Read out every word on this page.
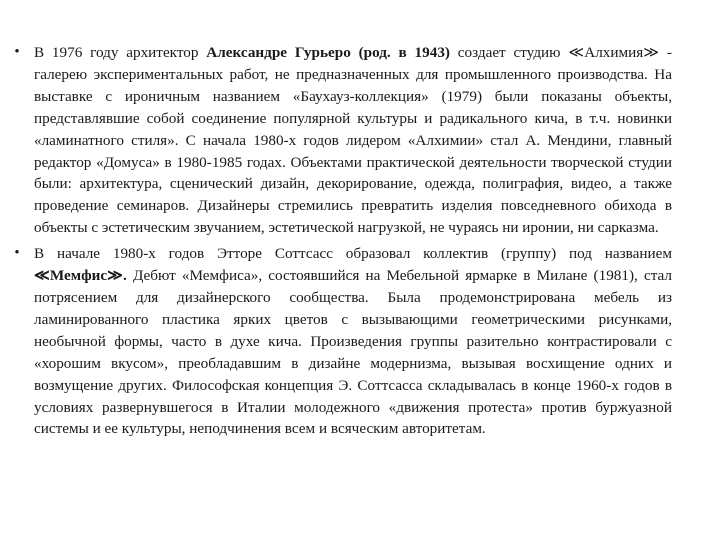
• В 1976 году архитектор Александре Гурьеро (род. в 1943) создает студию ≪Алхимия≫ - галерею экспериментальных работ, не предназначенных для промышленного производства. На выставке с ироничным названием «Баухауз-коллекция» (1979) были показаны объекты, представлявшие собой соединение популярной культуры и радикального кича, в т.ч. новинки «ламинатного стиля». С начала 1980-х годов лидером «Алхимии» стал А. Мендини, главный редактор «Домуса» в 1980-1985 годах. Объектами практической деятельности творческой студии были: архитектура, сценический дизайн, декорирование, одежда, полиграфия, видео, а также проведение семинаров. Дизайнеры стремились превратить изделия повседневного обихода в объекты с эстетическим звучанием, эстетической нагрузкой, не чураясь ни иронии, ни сарказма.
• В начале 1980-х годов Этторе Соттсасс образовал коллектив (группу) под названием ≪Мемфис≫. Дебют «Мемфиса», состоявшийся на Мебельной ярмарке в Милане (1981), стал потрясением для дизайнерского сообщества. Была продемонстрирована мебель из ламинированного пластика ярких цветов с вызывающими геометрическими рисунками, необычной формы, часто в духе кича. Произведения группы разительно контрастировали с «хорошим вкусом», преобладавшим в дизайне модернизма, вызывая восхищение одних и возмущение других. Философская концепция Э. Соттсасса складывалась в конце 1960-х годов в условиях развернувшегося в Италии молодежного «движения протеста» против буржуазной системы и ее культуры, неподчинения всем и всяческим авторитетам.
